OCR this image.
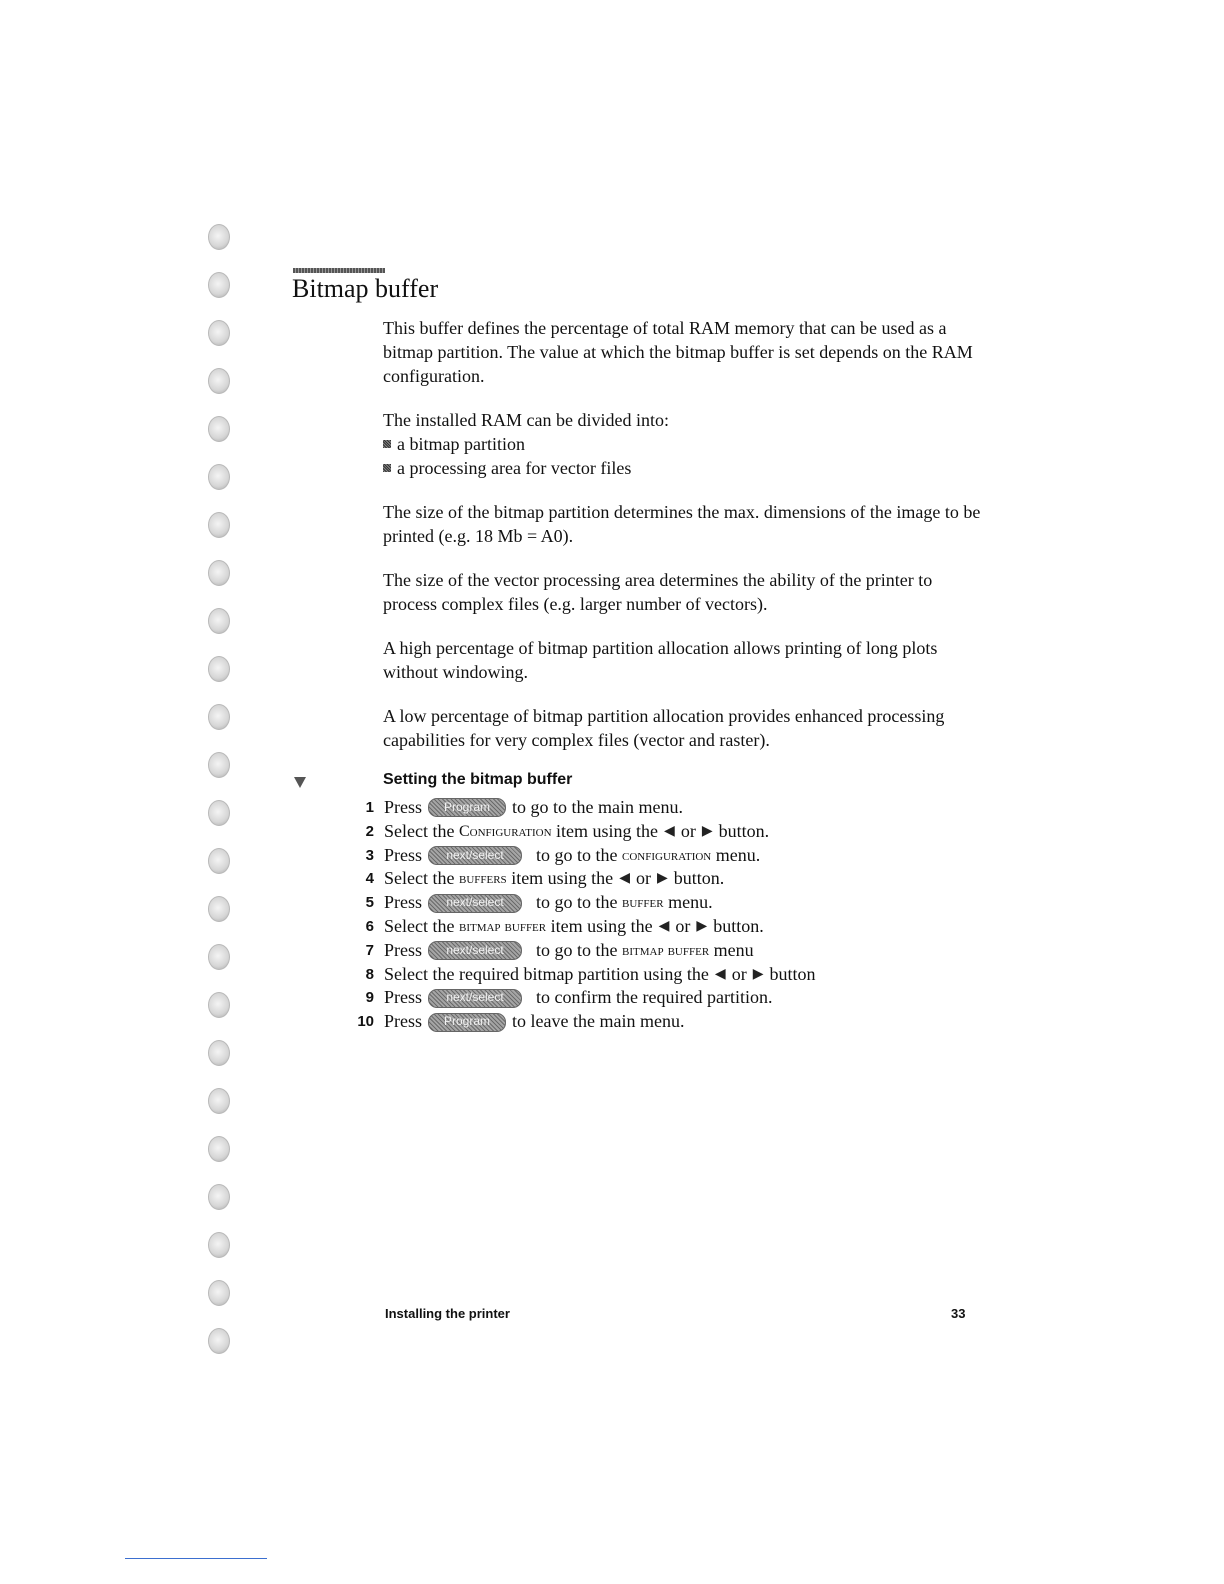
Bitmap buffer

This buffer defines the percentage of total RAM memory that can be used as a bitmap partition. The value at which the bitmap buffer is set depends on the RAM configuration.

The installed RAM can be divided into:

a bitmap partition
a processing area for vector files

The size of the bitmap partition determines the max. dimensions of the image to be printed (e.g. 18 Mb = A0).

The size of the vector processing area determines the ability of the printer to process complex files (e.g. larger number of vectors).

A high percentage of bitmap partition allocation allows printing of long plots without windowing.

A low percentage of bitmap partition allocation provides enhanced processing capabilities for very complex files (vector and raster).

Setting the bitmap buffer
1 Press	Program	to go to the main menu.
2 Select the
Configuration
item using the ◀ or ▶ button.
3 Press	next/select	to go to the
configuration
menu.
4 Select the
buffers
item using the ◀ or ▶ button.
5 Press	next/select	to go to the
buffer
menu.
6 Select the
bitmap buffer
item using the ◀ or ▶ button.
7 Press	next/select	to go to the
bitmap buffer
menu
8 Select the required bitmap partition using the ◀ or ▶ button
9 Press	next/select	to confirm the required partition.
10 Press	Program	to leave the main menu.
Installing the printer	33
